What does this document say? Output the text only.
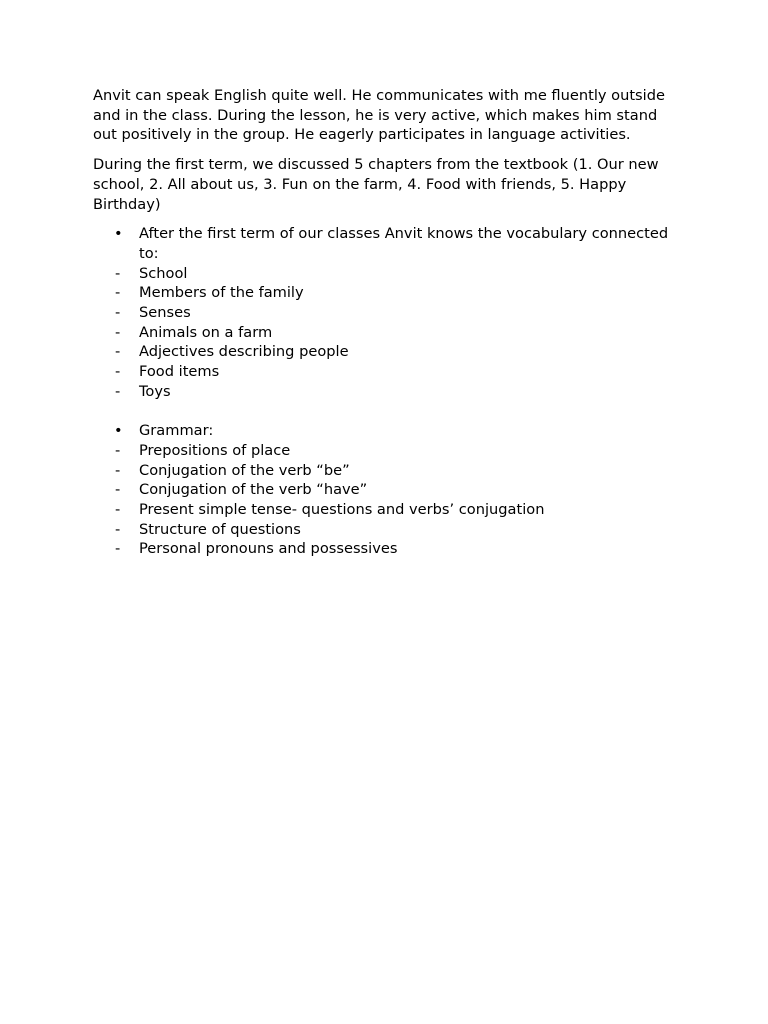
Anvit can speak English quite well. He communicates with me fluently outside and in the class. During the lesson, he is very active, which makes him stand out positively in the group. He eagerly participates in language activities.

During the first term, we discussed 5 chapters from the textbook (1. Our new school, 2. All about us, 3. Fun on the farm, 4. Food with friends, 5. Happy Birthday)

• After the first term of our classes Anvit knows the vocabulary connected to:
- School
- Members of the family
- Senses
- Animals on a farm
- Adjectives describing people
- Food items
- Toys
• Grammar:
- Prepositions of place
- Conjugation of the verb “be”
- Conjugation of the verb “have”
- Present simple tense- questions and verbs’ conjugation
- Structure of questions
- Personal pronouns and possessives
